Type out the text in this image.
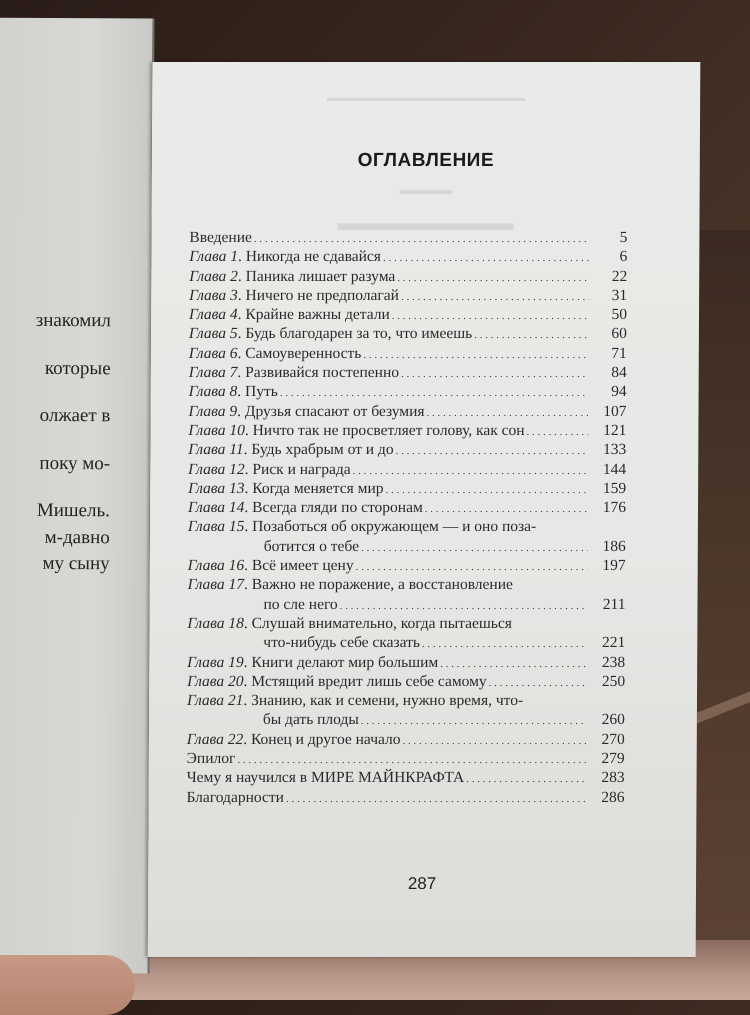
знакомил
которые
олжает в
поку мо-
Мишель.
м-давно
му сыну
▬▬▬▬▬▬▬▬▬▬▬▬▬▬▬▬▬▬
▬▬▬▬
▬▬▬▬▬▬▬▬
ОГЛАВЛЕНИЕ
Введение . . .	5
Глава 1. Никогда не сдавайся . . .	6
Глава 2. Паника лишает разума . . .	22
Глава 3. Ничего не предполагай . . .	31
Глава 4. Крайне важны детали . . .	50
Глава 5. Будь благодарен за то, что имеешь . . .	60
Глава 6. Самоуверенность . . .	71
Глава 7. Развивайся постепенно . . .	84
Глава 8. Путь . . .	94
Глава 9. Друзья спасают от безумия . . .	107
Глава 10. Ничто так не просветляет голову, как сон . . .	121
Глава 11. Будь храбрым от и до . . .	133
Глава 12. Риск и награда . . .	144
Глава 13. Когда меняется мир . . .	159
Глава 14. Всегда гляди по сторонам . . .	176
Глава 15. Позаботься об окружающем — и оно поза-
ботится о тебе . . .	186
Глава 16. Всё имеет цену . . .	197
Глава 17. Важно не поражение, а восстановление
по сле него . . .	211
Глава 18. Слушай внимательно, когда пытаешься
что-нибудь себе сказать . . .	221
Глава 19. Книги делают мир большим . . .	238
Глава 20. Мстящий вредит лишь себе самому . . .	250
Глава 21. Знанию, как и семени, нужно время, что-
бы дать плоды . . .	260
Глава 22. Конец и другое начало . . .	270
Эпилог . . .	279
Чему я научился в МИРЕ МАЙНКРАФТА . . .	283
Благодарности . . .	286
287
